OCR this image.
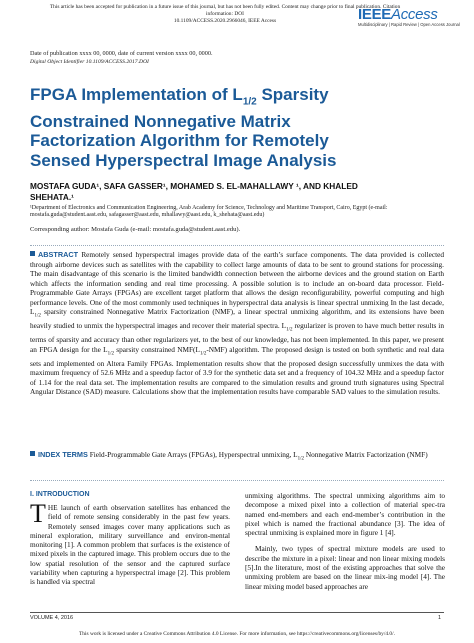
This article has been accepted for publication in a future issue of this journal, but has not been fully edited. Content may change prior to final publication. Citation information: DOI
10.1109/ACCESS.2020.2966046, IEEE Access	IEEEAccess
Multidisciplinary | Rapid Review | Open Access Journal
Date of publication xxxx 00, 0000, date of current version xxxx 00, 0000.
Digital Object Identifier 10.1109/ACCESS.2017.DOI
FPGA Implementation of $L_{1/2}$ Sparsity
Constrained Nonnegative Matrix
Factorization Algorithm for Remotely
Sensed Hyperspectral Image Analysis
MOSTAFA GUDA¹, SAFA GASSER¹, MOHAMED S. EL-MAHALLAWY ¹, AND KHALED
SHEHATA.¹
¹Department of Electronics and Communication Engineering, Arab Academy for Science, Technology and Maritime Transport, Cairo, Egypt (e-mail:
mostafa.guda@student.aast.edu, safagasser@aast.edu, mhallawy@aast.edu, k_shehata@aast.edu)
Corresponding author: Mostafa Guda (e-mail: mostafa.guda@student.aast.edu).
ABSTRACT Remotely sensed hyperspectral images provide data of the earth’s surface components. The data provided is collected through airborne devices such as satellites with the capability to collect large amounts of data to be sent to ground stations for processing. The main disadvantage of this scenario is the limited bandwidth connection between the airborne devices and the ground station on Earth which affects the information sending and real time processing. A possible solution is to include an on-board data processor. Field-Programmable Gate Arrays (FPGAs) are excellent target platform that allows the design reconfigurability, powerful computing and high performance levels. One of the most commonly used techniques in hyperspectral data analysis is linear spectral unmixing In the last decade, $L_{1/2}$ sparsity constrained Nonnegative Matrix Factorization (NMF), a linear spectral unmixing algorithm, and its extensions have been heavily studied to unmix the hyperspectral images and recover their material spectra. $L_{1/2}$ regularizer is proven to have much better results in terms of sparsity and accuracy than other regularizers yet, to the best of our knowledge, has not been implemented. In this paper, we present an FPGA design for the $L_{1/2}$ sparsity constrained $NMF(L_{1/2}-NMF)$ algorithm. The proposed design is tested on both synthetic and real data sets and implemented on Altera Family FPGAs. Implementation results show that the proposed design successfully unmixes the data with maximum frequency of 52.6 MHz and a speedup factor of 3.9 for the synthetic data set and a frequency of 104.32 MHz and a speedup factor of 1.14 for the real data set. The implementation results are compared to the simulation results and ground truth signatures using Spectral Angular Distance (SAD) measure. Calculations show that the implementation results have comparable SAD values to the simulation results.
INDEX TERMS Field-Programmable Gate Arrays (FPGAs), Hyperspectral unmixing, $L_{1/2}$ Nonnegative Matrix Factorization (NMF)
I. INTRODUCTION
THE launch of earth observation satellites has enhanced the field of remote sensing considerably in the past few years. Remotely sensed images cover many applications such as mineral exploration, military surveillance and environ-mental monitoring [1]. A common problem that surfaces is the existence of mixed pixels in the captured image. This problem occurs due to the low spatial resolution of the sensor and the captured surface variability when capturing a hyperspectral image [2]. This problem is handled via spectral
unmixing algorithms. The spectral unmixing algorithms aim to decompose a mixed pixel into a collection of material spec-tra named end-members and each end-member’s contribution in the pixel which is named the fractional abundance [3]. The idea of spectral unmixing is explained more in figure 1 [4].
Mainly, two types of spectral mixture models are used to describe the mixture in a pixel: linear and non linear mixing models [5].In the literature, most of the existing approaches that solve the unmixing problem are based on the linear mix-ing model [4]. The linear mixing model based approaches are
VOLUME 4, 2016	1
This work is licensed under a Creative Commons Attribution 4.0 License. For more information, see https://creativecommons.org/licenses/by/4.0/.
